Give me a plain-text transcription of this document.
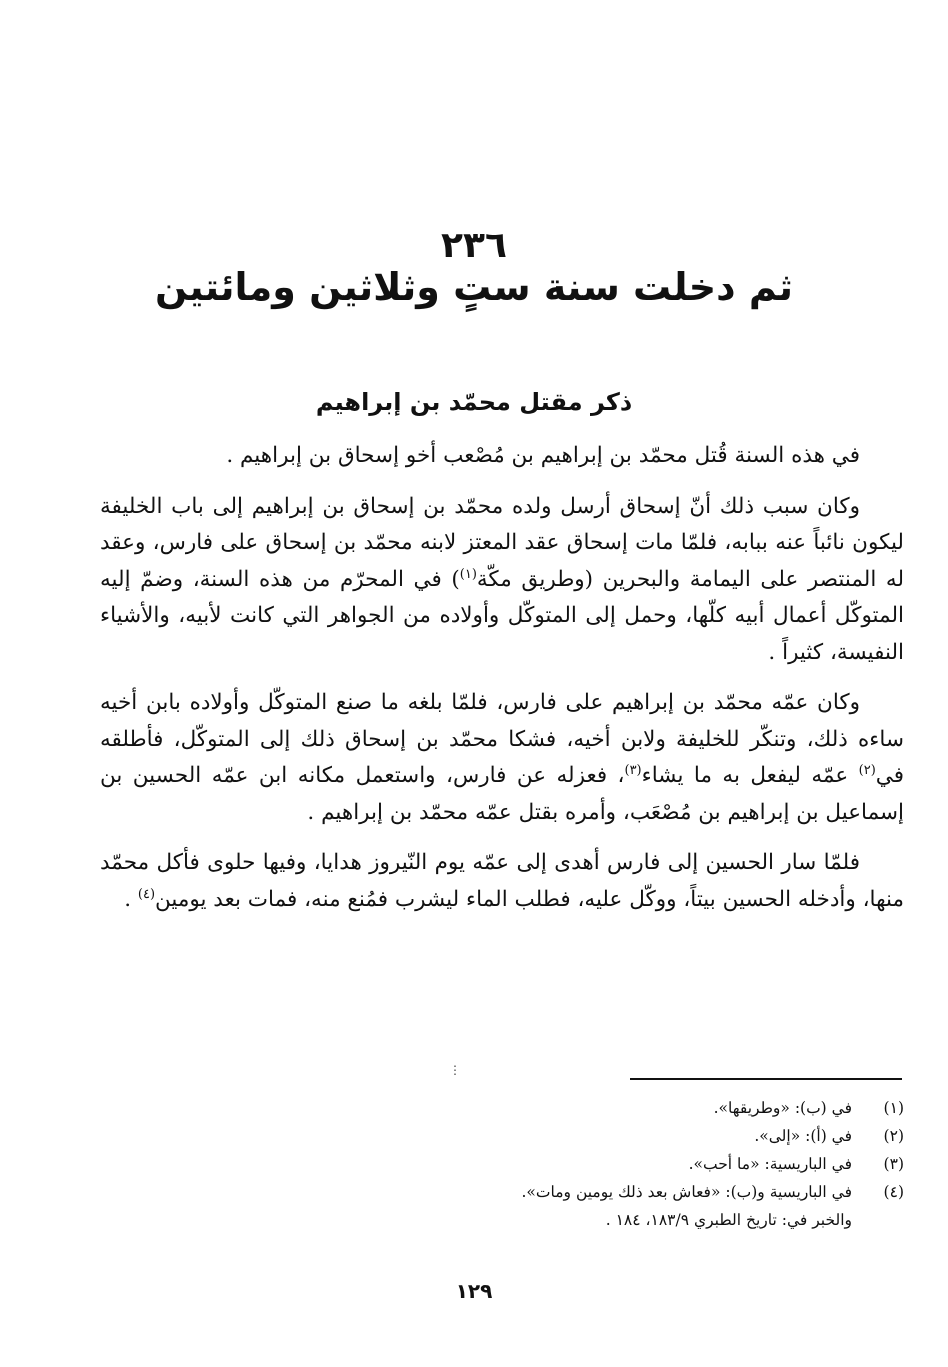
٢٣٦
ثم دخلت سنة ستٍ وثلاثين ومائتين
ذكر مقتل محمّد بن إبراهيم

في هذه السنة قُتل محمّد بن إبراهيم بن مُصْعب أخو إسحاق بن إبراهيم .

وكان سبب ذلك أنّ إسحاق أرسل ولده محمّد بن إسحاق بن إبراهيم إلى باب الخليفة ليكون نائباً عنه ببابه، فلمّا مات إسحاق عقد المعتز لابنه محمّد بن إسحاق على فارس، وعقد له المنتصر على اليمامة والبحرين (وطريق مكّة$^{(١)}$) في المحرّم من هذه السنة، وضمّ إليه المتوكّل أعمال أبيه كلّها، وحمل إلى المتوكّل وأولاده من الجواهر التي كانت لأبيه، والأشياء النفيسة، كثيراً .

وكان عمّه محمّد بن إبراهيم على فارس، فلمّا بلغه ما صنع المتوكّل وأولاده بابن أخيه ساءه ذلك، وتنكّر للخليفة ولابن أخيه، فشكا محمّد بن إسحاق ذلك إلى المتوكّل، فأطلقه في$^{(٢)}$ عمّه ليفعل به ما يشاء$^{(٣)}$، فعزله عن فارس، واستعمل مكانه ابن عمّه الحسين بن إسماعيل بن إبراهيم بن مُصْعَب، وأمره بقتل عمّه محمّد بن إبراهيم .

فلمّا سار الحسين إلى فارس أهدى إلى عمّه يوم النّيروز هدايا، وفيها حلوى فأكل محمّد منها، وأدخله الحسين بيتاً، ووكّل عليه، فطلب الماء ليشرب فمُنع منه، فمات بعد يومين$^{(٤)}$ .

⋮
(١)
في (ب): «وطريقها».
(٢)
في (أ): «إلى».
(٣)
في الباريسية: «ما أحب».
(٤)
في الباريسية و(ب): «فعاش بعد ذلك يومين ومات».
والخبر في: تاريخ الطبري ١٨٣/٩، ١٨٤ .
١٢٩
